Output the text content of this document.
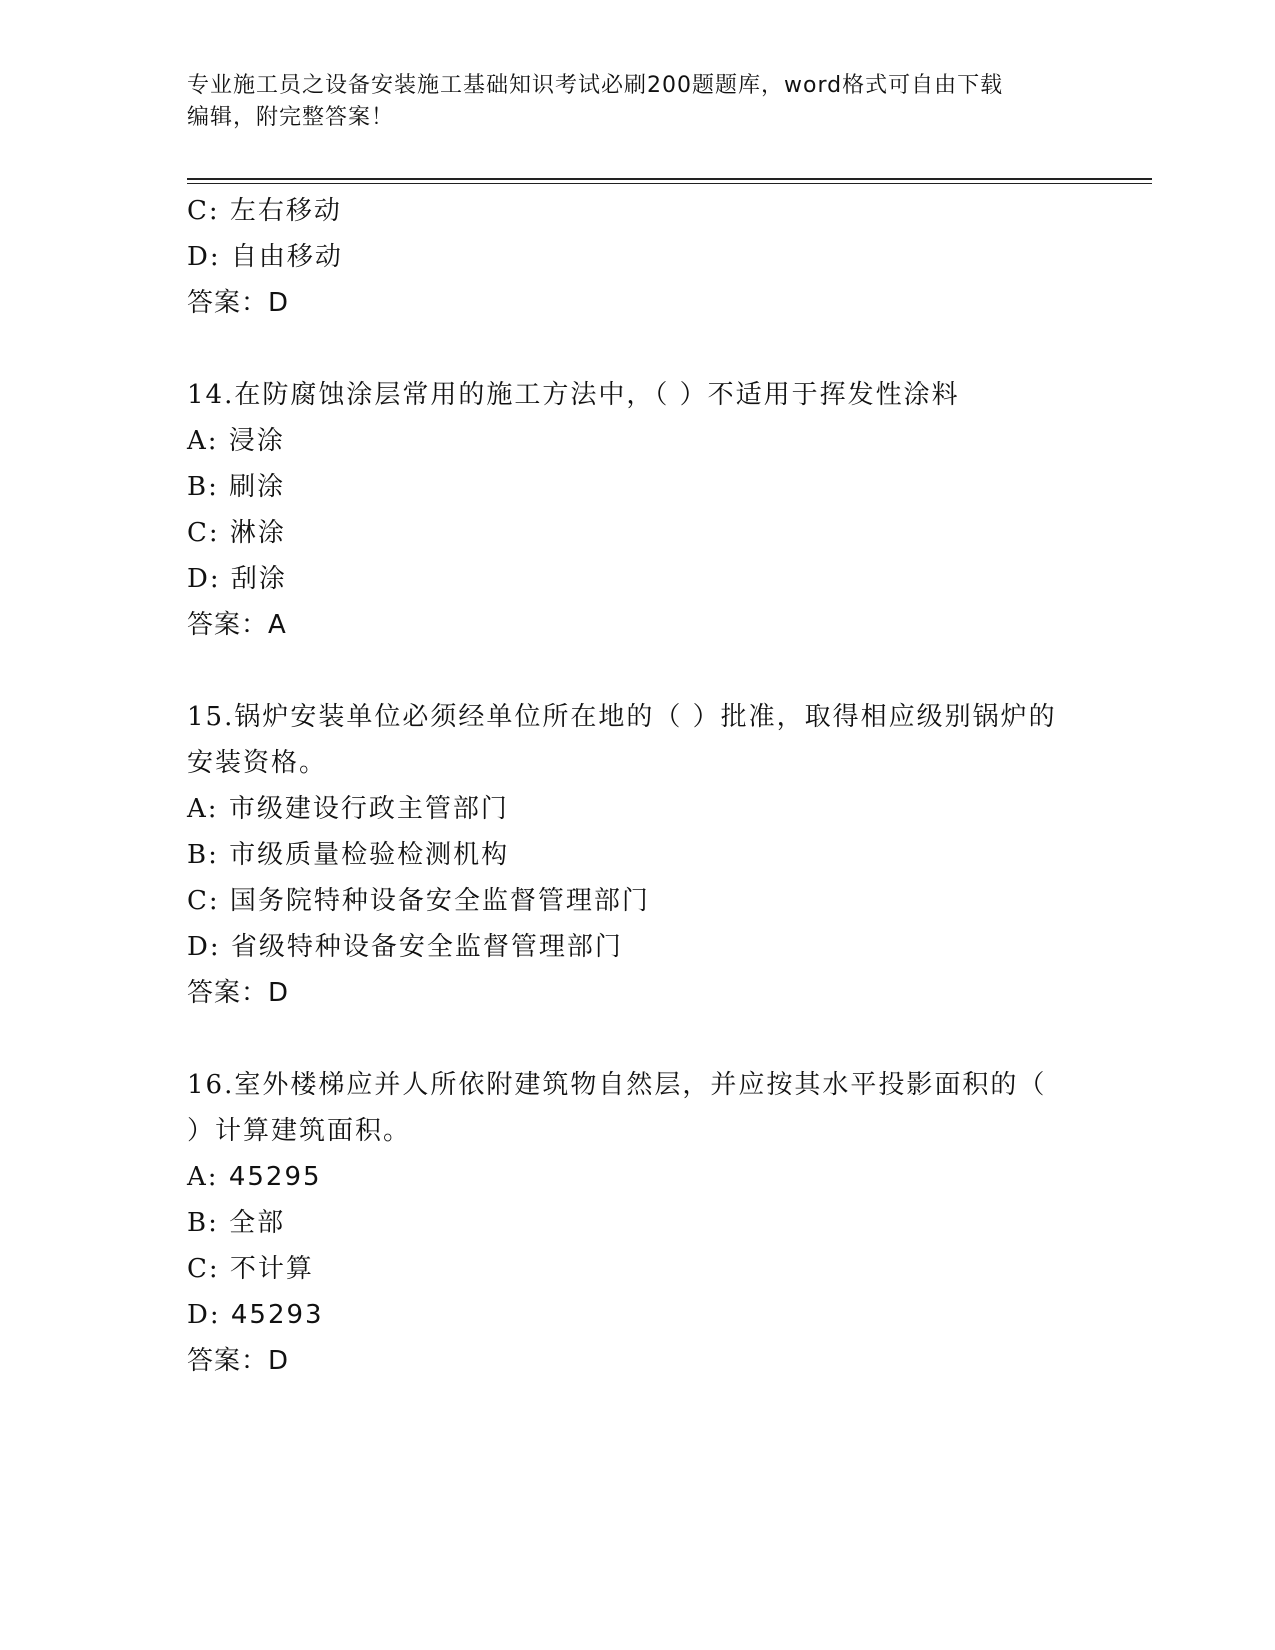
专业施工员之设备安装施工基础知识考试必刷200题题库，word格式可自由下载
编辑，附完整答案！
C: 左右移动
D: 自由移动
答案：D
14.在防腐蚀涂层常用的施工方法中，（ ）不适用于挥发性涂料
A: 浸涂
B: 刷涂
C: 淋涂
D: 刮涂
答案：A
15.锅炉安装单位必须经单位所在地的（ ）批准，取得相应级别锅炉的安装资格。
A: 市级建设行政主管部门
B: 市级质量检验检测机构
C: 国务院特种设备安全监督管理部门
D: 省级特种设备安全监督管理部门
答案：D
16.室外楼梯应并人所依附建筑物自然层，并应按其水平投影面积的（ ）计算建筑面积。
A: 45295
B: 全部
C: 不计算
D: 45293
答案：D
